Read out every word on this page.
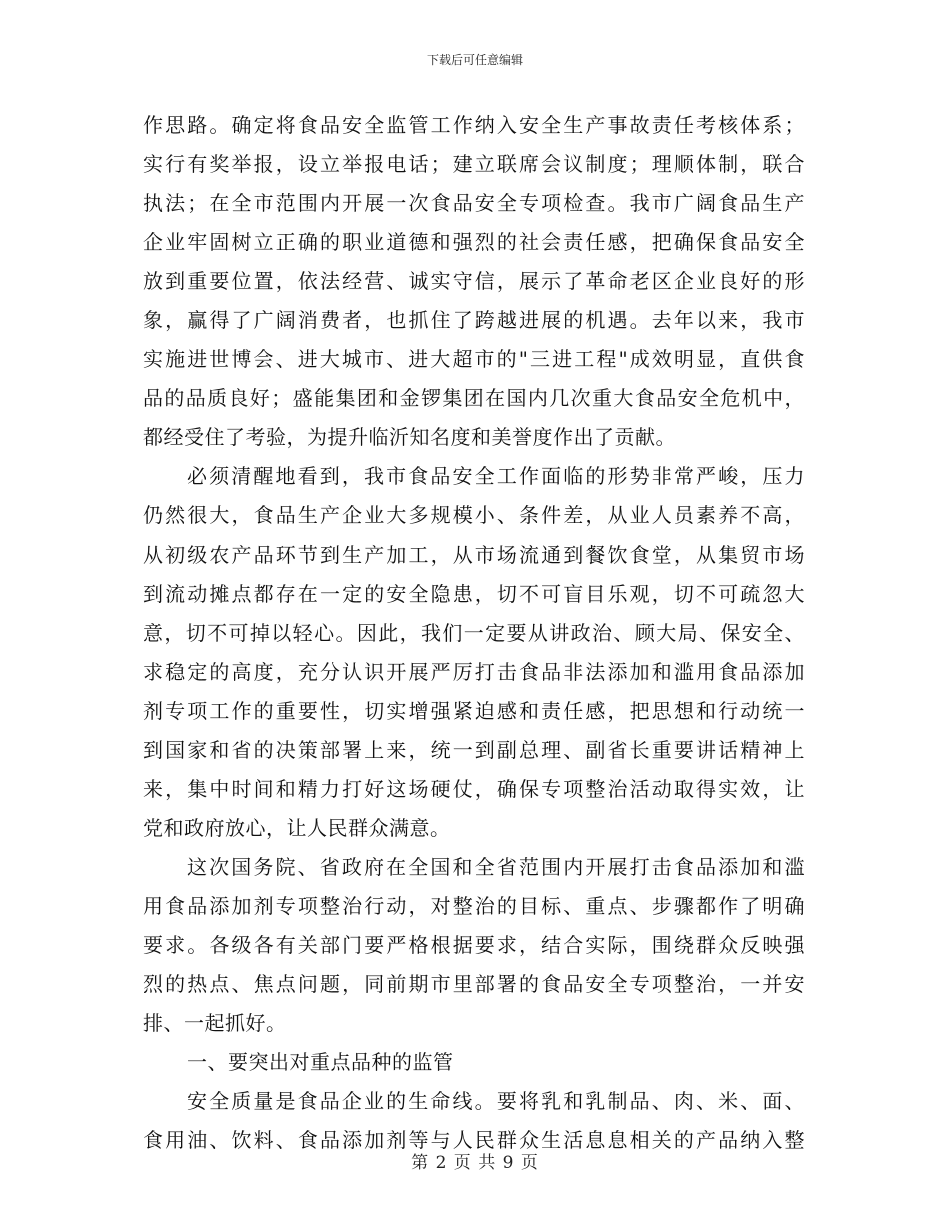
下载后可任意编辑
作思路。确定将食品安全监管工作纳入安全生产事故责任考核体系；
实行有奖举报，设立举报电话；建立联席会议制度；理顺体制，联合
执法；在全市范围内开展一次食品安全专项检查。我市广阔食品生产
企业牢固树立正确的职业道德和强烈的社会责任感，把确保食品安全
放到重要位置，依法经营、诚实守信，展示了革命老区企业良好的形
象，赢得了广阔消费者，也抓住了跨越进展的机遇。去年以来，我市
实施进世博会、进大城市、进大超市的"三进工程"成效明显，直供食
品的品质良好；盛能集团和金锣集团在国内几次重大食品安全危机中，
都经受住了考验，为提升临沂知名度和美誉度作出了贡献。
必须清醒地看到，我市食品安全工作面临的形势非常严峻，压力
仍然很大，食品生产企业大多规模小、条件差，从业人员素养不高，
从初级农产品环节到生产加工，从市场流通到餐饮食堂，从集贸市场
到流动摊点都存在一定的安全隐患，切不可盲目乐观，切不可疏忽大
意，切不可掉以轻心。因此，我们一定要从讲政治、顾大局、保安全、
求稳定的高度，充分认识开展严厉打击食品非法添加和滥用食品添加
剂专项工作的重要性，切实增强紧迫感和责任感，把思想和行动统一
到国家和省的决策部署上来，统一到副总理、副省长重要讲话精神上
来，集中时间和精力打好这场硬仗，确保专项整治活动取得实效，让
党和政府放心，让人民群众满意。
这次国务院、省政府在全国和全省范围内开展打击食品添加和滥
用食品添加剂专项整治行动，对整治的目标、重点、步骤都作了明确
要求。各级各有关部门要严格根据要求，结合实际，围绕群众反映强
烈的热点、焦点问题，同前期市里部署的食品安全专项整治，一并安
排、一起抓好。
一、要突出对重点品种的监管
安全质量是食品企业的生命线。要将乳和乳制品、肉、米、面、
食用油、饮料、食品添加剂等与人民群众生活息息相关的产品纳入整
第 2 页 共 9 页
